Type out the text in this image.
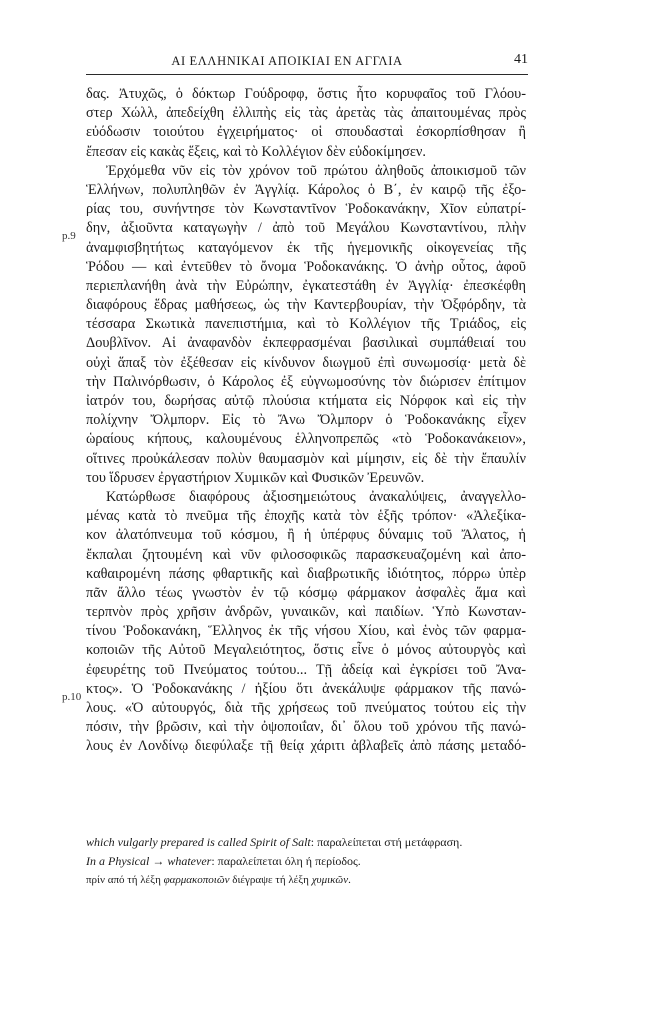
ΑΙ ΕΛΛΗΝΙΚΑΙ ΑΠΟΙΚΙΑΙ ΕΝ ΑΓΓΛΙΑ	41
p.9
p.10
δας. Ἀτυχῶς, ὁ δόκτωρ Γούδροφφ, ὅστις ἦτο κορυφαῖος τοῦ Γλόου-
στερ Χώλλ, ἀπεδείχθη ἐλλιπὴς εἰς τὰς ἀρετὰς τὰς ἀπαιτουμένας πρὸς
εὐόδωσιν τοιούτου ἐγχειρήματος· οἱ σπουδασταὶ ἐσκορπίσθησαν ἢ
ἔπεσαν εἰς κακὰς ἕξεις, καὶ τὸ Κολλέγιον δὲν εὐδοκίμησεν.
Ἐρχόμεθα νῦν εἰς τὸν χρόνον τοῦ πρώτου ἀληθοῦς ἀποικισμοῦ τῶν
Ἑλλήνων, πολυπληθῶν ἐν Ἀγγλίᾳ. Κάρολος ὁ Β΄, ἐν καιρῷ τῆς ἐξο-
ρίας του, συνήντησε τὸν Κωνσταντῖνον Ῥοδοκανάκην, Χῖον εὐπατρί-
δην, ἀξιοῦντα καταγωγὴν / ἀπὸ τοῦ Μεγάλου Κωνσταντίνου, πλὴν
ἀναμφισβητήτως καταγόμενον ἐκ τῆς ἡγεμονικῆς οἰκογενείας τῆς
Ῥόδου — καὶ ἐντεῦθεν τὸ ὄνομα Ῥοδοκανάκης. Ὁ ἀνὴρ οὗτος, ἀφοῦ
περιεπλανήθη ἀνὰ τὴν Εὐρώπην, ἐγκατεστάθη ἐν Ἀγγλίᾳ· ἐπεσκέφθη
διαφόρους ἕδρας μαθήσεως, ὡς τὴν Καντερβουρίαν, τὴν Ὀξφόρδην, τὰ
τέσσαρα Σκωτικὰ πανεπιστήμια, καὶ τὸ Κολλέγιον τῆς Τριάδος, εἰς
Δουβλῖνον. Αἱ ἀναφανδὸν ἐκπεφρασμέναι βασιλικαὶ συμπάθειαί του
οὐχὶ ἅπαξ τὸν ἐξέθεσαν εἰς κίνδυνον διωγμοῦ ἐπὶ συνωμοσίᾳ· μετὰ δὲ
τὴν Παλινόρθωσιν, ὁ Κάρολος ἐξ εὐγνωμοσύνης τὸν διώρισεν ἐπίτιμον
ἰατρόν του, δωρήσας αὐτῷ πλούσια κτήματα εἰς Νόρφοκ καὶ εἰς τὴν
πολίχνην Ὄλμπορν. Εἰς τὸ Ἄνω Ὄλμπορν ὁ Ῥοδοκανάκης εἶχεν
ὡραίους κήπους, καλουμένους ἑλληνοπρεπῶς «τὸ Ῥοδοκανάκειον»,
οἵτινες προὐκάλεσαν πολὺν θαυμασμὸν καὶ μίμησιν, εἰς δὲ τὴν ἔπαυλίν
του ἵδρυσεν ἐργαστήριον Χυμικῶν καὶ Φυσικῶν Ἐρευνῶν.
Κατώρθωσε διαφόρους ἀξιοσημειώτους ἀνακαλύψεις, ἀναγγελλο-
μένας κατὰ τὸ πνεῦμα τῆς ἐποχῆς κατὰ τὸν ἑξῆς τρόπον· «Ἀλεξίκα-
κον ἀλατόπνευμα τοῦ κόσμου, ἢ ἡ ὑπέρφυς δύναμις τοῦ Ἄλατος, ἡ
ἔκπαλαι ζητουμένη καὶ νῦν φιλοσοφικῶς παρασκευαζομένη καὶ ἀπο-
καθαιρομένη πάσης φθαρτικῆς καὶ διαβρωτικῆς ἰδιότητος, πόρρω ὑπὲρ
πᾶν ἄλλο τέως γνωστὸν ἐν τῷ κόσμῳ φάρμακον ἀσφαλὲς ἅμα καὶ
τερπνὸν πρὸς χρῆσιν ἀνδρῶν, γυναικῶν, καὶ παιδίων. Ὑπὸ Κωνσταν-
τίνου Ῥοδοκανάκη, Ἕλληνος ἐκ τῆς νήσου Χίου, καὶ ἑνὸς τῶν φαρμα-
κοποιῶν τῆς Αὐτοῦ Μεγαλειότητος, ὅστις εἶνε ὁ μόνος αὐτουργὸς καὶ
ἐφευρέτης τοῦ Πνεύματος τούτου... Τῇ ἀδείᾳ καὶ ἐγκρίσει τοῦ Ἄνα-
κτος». Ὁ Ῥοδοκανάκης / ἠξίου ὅτι ἀνεκάλυψε φάρμακον τῆς πανώ-
λους. «Ὁ αὐτουργός, διὰ τῆς χρήσεως τοῦ πνεύματος τούτου εἰς τὴν
πόσιν, τὴν βρῶσιν, καὶ τὴν ὀψοποιΐαν, δι᾽ ὅλου τοῦ χρόνου τῆς πανώ-
λους ἐν Λονδίνῳ διεφύλαξε τῇ θείᾳ χάριτι ἀβλαβεῖς ἀπὸ πάσης μεταδό-
which vulgarly prepared is called Spirit of Salt: παραλείπεται στή μετάφραση.
In a Physical → whatever: παραλείπεται όλη ή περίοδος.
πρίν από τή λέξη φαρμακοποιῶν διέγραψε τή λέξη χυμικῶν.
